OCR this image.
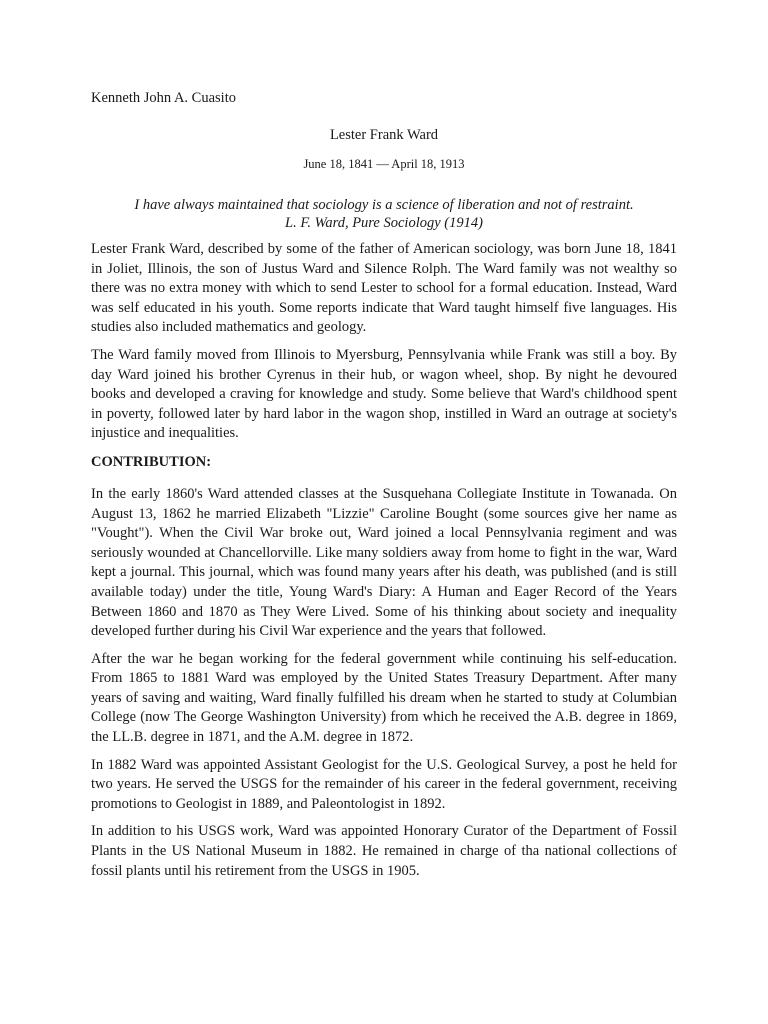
Kenneth John A. Cuasito
Lester Frank Ward
June 18, 1841 — April 18, 1913
I have always maintained that sociology is a science of liberation and not of restraint.
L. F. Ward, Pure Sociology (1914)

Lester Frank Ward, described by some of the father of American sociology, was born June 18, 1841 in Joliet, Illinois, the son of Justus Ward and Silence Rolph. The Ward family was not wealthy so there was no extra money with which to send Lester to school for a formal education. Instead, Ward was self educated in his youth. Some reports indicate that Ward taught himself five languages. His studies also included mathematics and geology.

The Ward family moved from Illinois to Myersburg, Pennsylvania while Frank was still a boy. By day Ward joined his brother Cyrenus in their hub, or wagon wheel, shop. By night he devoured books and developed a craving for knowledge and study. Some believe that Ward's childhood spent in poverty, followed later by hard labor in the wagon shop, instilled in Ward an outrage at society's injustice and inequalities.

CONTRIBUTION:

In the early 1860's Ward attended classes at the Susquehana Collegiate Institute in Towanada. On August 13, 1862 he married Elizabeth "Lizzie" Caroline Bought (some sources give her name as "Vought"). When the Civil War broke out, Ward joined a local Pennsylvania regiment and was seriously wounded at Chancellorville. Like many soldiers away from home to fight in the war, Ward kept a journal. This journal, which was found many years after his death, was published (and is still available today) under the title, Young Ward's Diary: A Human and Eager Record of the Years Between 1860 and 1870 as They Were Lived. Some of his thinking about society and inequality developed further during his Civil War experience and the years that followed.

After the war he began working for the federal government while continuing his self-education. From 1865 to 1881 Ward was employed by the United States Treasury Department. After many years of saving and waiting, Ward finally fulfilled his dream when he started to study at Columbian College (now The George Washington University) from which he received the A.B. degree in 1869, the LL.B. degree in 1871, and the A.M. degree in 1872.

In 1882 Ward was appointed Assistant Geologist for the U.S. Geological Survey, a post he held for two years. He served the USGS for the remainder of his career in the federal government, receiving promotions to Geologist in 1889, and Paleontologist in 1892.

In addition to his USGS work, Ward was appointed Honorary Curator of the Department of Fossil Plants in the US National Museum in 1882. He remained in charge of tha national collections of fossil plants until his retirement from the USGS in 1905.
